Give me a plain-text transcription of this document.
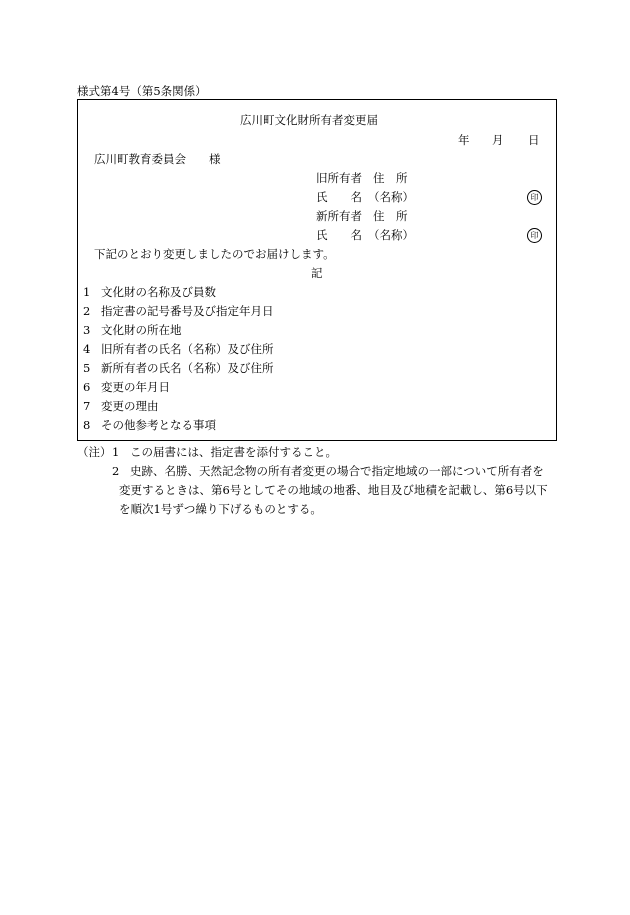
様式第4号（第5条関係）
広川町文化財所有者変更届
年 月 日
広川町教育委員会　　様
旧所有者 住　所
氏　　名 （名称）	印
新所有者 住　所
氏　　名 （名称）	印
下記のとおり変更しましたのでお届けします。
記
1 文化財の名称及び員数
2 指定書の記号番号及び指定年月日
3 文化財の所在地
4 旧所有者の氏名（名称）及び住所
5 新所有者の氏名（名称）及び住所
6 変更の年月日
7 変更の理由
8 その他参考となる事項
（注） 1 この届書には、指定書を添付すること。
2 史跡、名勝、天然記念物の所有者変更の場合で指定地域の一部について所有者を
変更するときは、第6号としてその地域の地番、地目及び地積を記載し、第6号以下
を順次1号ずつ繰り下げるものとする。
